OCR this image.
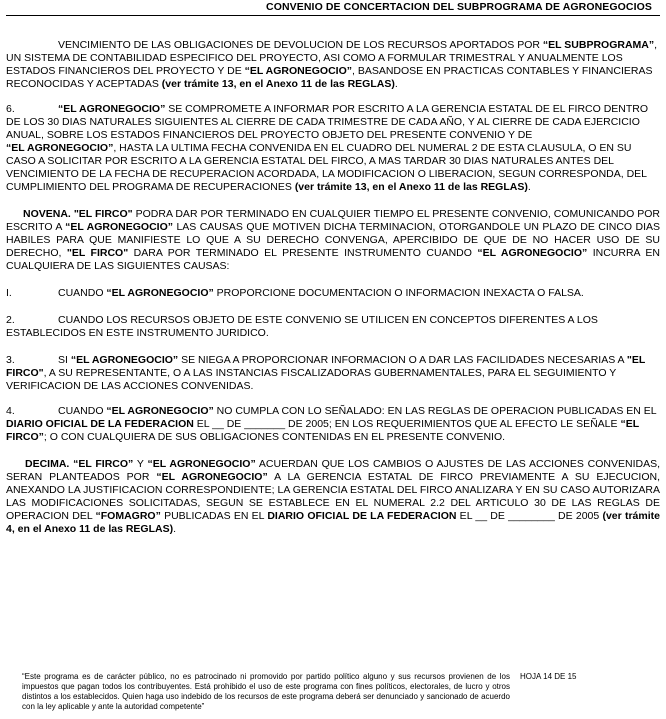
CONVENIO DE CONCERTACION DEL SUBPROGRAMA DE AGRONEGOCIOS

VENCIMIENTO DE LAS OBLIGACIONES DE DEVOLUCION DE LOS RECURSOS APORTADOS POR “EL SUBPROGRAMA”, UN SISTEMA DE CONTABILIDAD ESPECIFICO DEL PROYECTO, ASI COMO A FORMULAR TRIMESTRAL Y ANUALMENTE LOS ESTADOS FINANCIEROS DEL PROYECTO Y DE “EL AGRONEGOCIO”, BASANDOSE EN PRACTICAS CONTABLES Y FINANCIERAS RECONOCIDAS Y ACEPTADAS (ver trámite 13, en el Anexo 11 de las REGLAS).

6.	“EL AGRONEGOCIO” SE COMPROMETE A INFORMAR POR ESCRITO A LA GERENCIA ESTATAL DE EL FIRCO DENTRO DE LOS 30 DIAS NATURALES SIGUIENTES AL CIERRE DE CADA TRIMESTRE DE CADA AÑO, Y AL CIERRE DE CADA EJERCICIO ANUAL, SOBRE LOS ESTADOS FINANCIEROS DEL PROYECTO OBJETO DEL PRESENTE CONVENIO Y DE
“EL AGRONEGOCIO”, HASTA LA ULTIMA FECHA CONVENIDA EN EL CUADRO DEL NUMERAL 2 DE ESTA CLAUSULA, O EN SU CASO A SOLICITAR POR ESCRITO A LA GERENCIA ESTATAL DEL FIRCO, A MAS TARDAR 30 DIAS NATURALES ANTES DEL VENCIMIENTO DE LA FECHA DE RECUPERACION ACORDADA, LA MODIFICACION O LIBERACION, SEGUN CORRESPONDA, DEL CUMPLIMIENTO DEL PROGRAMA DE RECUPERACIONES (ver trámite 13, en el Anexo 11 de las REGLAS).

NOVENA. "EL FIRCO" PODRA DAR POR TERMINADO EN CUALQUIER TIEMPO EL PRESENTE CONVENIO, COMUNICANDO POR ESCRITO A “EL AGRONEGOCIO” LAS CAUSAS QUE MOTIVEN DICHA TERMINACION, OTORGANDOLE UN PLAZO DE CINCO DIAS HABILES PARA QUE MANIFIESTE LO QUE A SU DERECHO CONVENGA, APERCIBIDO DE QUE DE NO HACER USO DE SU DERECHO, "EL FIRCO" DARA POR TERMINADO EL PRESENTE INSTRUMENTO CUANDO “EL AGRONEGOCIO” INCURRA EN CUALQUIERA DE LAS SIGUIENTES CAUSAS:

I.	CUANDO “EL AGRONEGOCIO” PROPORCIONE DOCUMENTACION O INFORMACION INEXACTA O FALSA.

2.	CUANDO LOS RECURSOS OBJETO DE ESTE CONVENIO SE UTILICEN EN CONCEPTOS DIFERENTES A LOS ESTABLECIDOS EN ESTE INSTRUMENTO JURIDICO.

3.	SI “EL AGRONEGOCIO” SE NIEGA A PROPORCIONAR INFORMACION O A DAR LAS FACILIDADES NECESARIAS A "EL FIRCO", A SU REPRESENTANTE, O A LAS INSTANCIAS FISCALIZADORAS GUBERNAMENTALES, PARA EL SEGUIMIENTO Y VERIFICACION DE LAS ACCIONES CONVENIDAS.

4.	CUANDO “EL AGRONEGOCIO” NO CUMPLA CON LO SEÑALADO: EN LAS REGLAS DE OPERACION PUBLICADAS EN EL DIARIO OFICIAL DE LA FEDERACION EL __ DE _______ DE 2005; EN LOS REQUERIMIENTOS QUE AL EFECTO LE SEÑALE “EL FIRCO”; O CON CUALQUIERA DE SUS OBLIGACIONES CONTENIDAS EN EL PRESENTE CONVENIO.

DECIMA. “EL FIRCO” Y “EL AGRONEGOCIO” ACUERDAN QUE LOS CAMBIOS O AJUSTES DE LAS ACCIONES CONVENIDAS, SERAN PLANTEADOS POR “EL AGRONEGOCIO” A LA GERENCIA ESTATAL DE FIRCO PREVIAMENTE A SU EJECUCION, ANEXANDO LA JUSTIFICACION CORRESPONDIENTE; LA GERENCIA ESTATAL DEL FIRCO ANALIZARA Y EN SU CASO AUTORIZARA LAS MODIFICACIONES SOLICITADAS, SEGUN SE ESTABLECE EN EL NUMERAL 2.2 DEL ARTICULO 30 DE LAS REGLAS DE OPERACION DEL “FOMAGRO” PUBLICADAS EN EL DIARIO OFICIAL DE LA FEDERACION EL __ DE ________ DE 2005 (ver trámite 4, en el Anexo 11 de las REGLAS).

“Este programa es de carácter público, no es patrocinado ni promovido por partido político alguno y sus recursos provienen de los impuestos que pagan todos los contribuyentes. Está prohibido el uso de este programa con fines políticos, electorales, de lucro y otros distintos a los establecidos. Quien haga uso indebido de los recursos de este programa deberá ser denunciado y sancionado de acuerdo con la ley aplicable y ante la autoridad competente”
HOJA 14 DE 15
